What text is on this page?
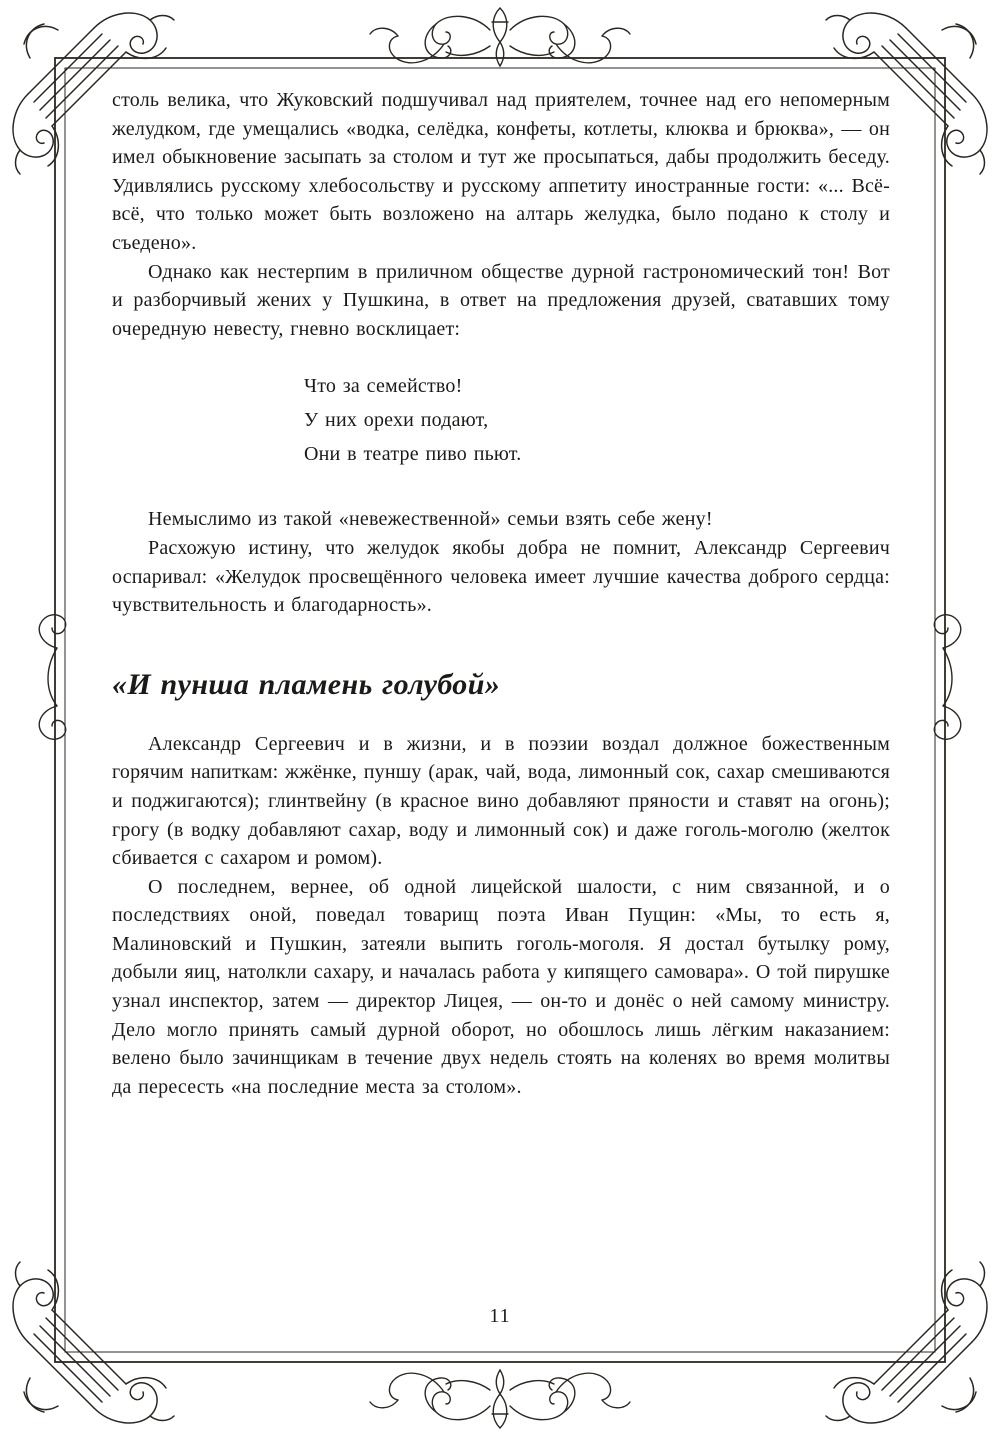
столь велика, что Жуковский подшучивал над приятелем, точнее над его непомерным желудком, где умещались «водка, селёдка, конфеты, котлеты, клюква и брюква», — он имел обыкновение засыпать за столом и тут же просыпаться, дабы продолжить беседу. Удивлялись русскому хлебосольству и русскому аппетиту иностранные гости: «... Всё-всё, что только может быть возложено на алтарь желудка, было подано к столу и съедено».

Однако как нестерпим в приличном обществе дурной гастрономический тон! Вот и разборчивый жених у Пушкина, в ответ на предложения друзей, сватавших тому очередную невесту, гневно восклицает:

Что за семейство!
У них орехи подают,
Они в театре пиво пьют.

Немыслимо из такой «невежественной» семьи взять себе жену!

Расхожую истину, что желудок якобы добра не помнит, Александр Сергеевич оспаривал: «Желудок просвещённого человека имеет лучшие качества доброго сердца: чувствительность и благодарность».

«И пунша пламень голубой»

Александр Сергеевич и в жизни, и в поэзии воздал должное божественным горячим напиткам: жжёнке, пуншу (арак, чай, вода, лимонный сок, сахар смешиваются и поджигаются); глинтвейну (в красное вино добавляют пряности и ставят на огонь); грогу (в водку добавляют сахар, воду и лимонный сок) и даже гоголь-моголю (желток сбивается с сахаром и ромом).

О последнем, вернее, об одной лицейской шалости, с ним связанной, и о последствиях оной, поведал товарищ поэта Иван Пущин: «Мы, то есть я, Малиновский и Пушкин, затеяли выпить гоголь-моголя. Я достал бутылку рому, добыли яиц, натолкли сахару, и началась работа у кипящего самовара». О той пирушке узнал инспектор, затем — директор Лицея, — он-то и донёс о ней самому министру. Дело могло принять самый дурной оборот, но обошлось лишь лёгким наказанием: велено было зачинщикам в течение двух недель стоять на коленях во время молитвы да пересесть «на последние места за столом».

11
